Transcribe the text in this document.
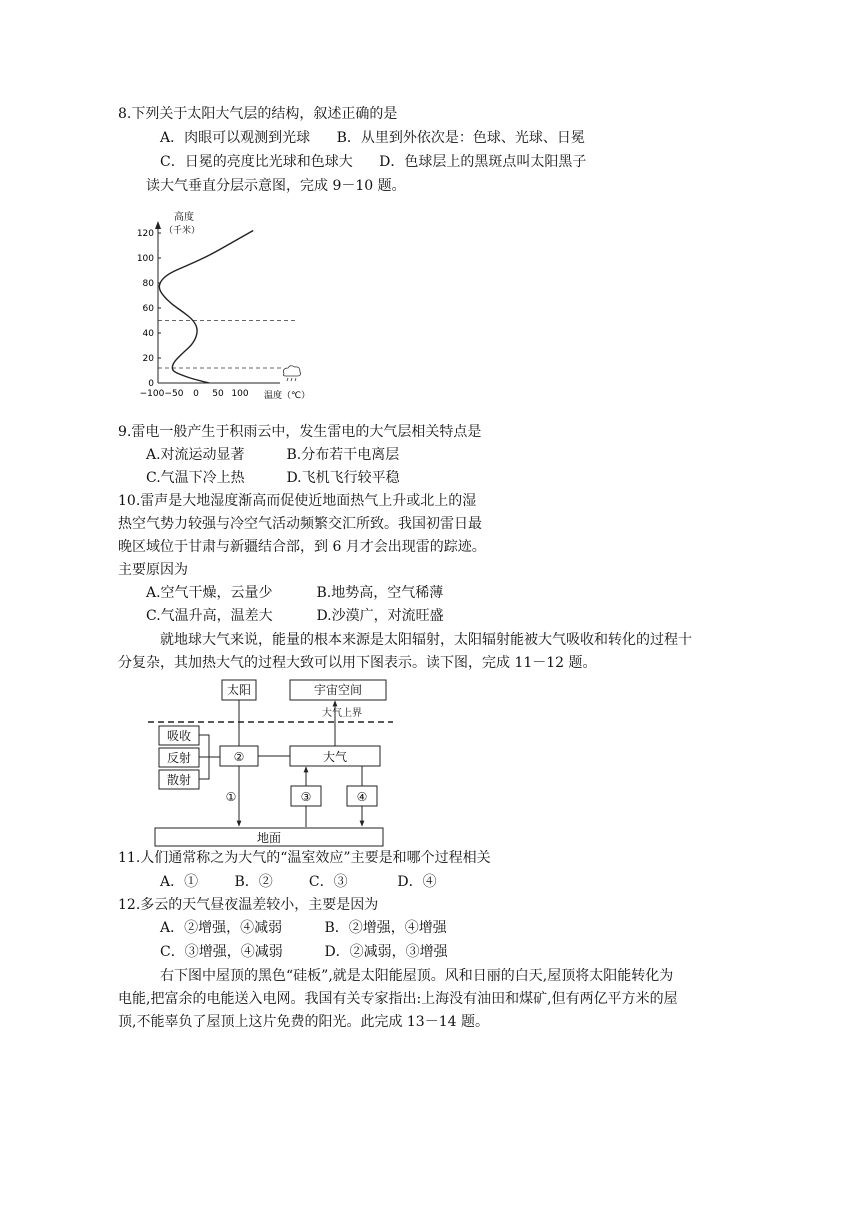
8.下列关于太阳大气层的结构，叙述正确的是
A．肉眼可以观测到光球 B．从里到外依次是：色球、光球、日冕
C．日冕的亮度比光球和色球大 D．色球层上的黑斑点叫太阳黑子
读大气垂直分层示意图，完成 9－10 题。
高度
（千米）
120
100
80
60
40
20
0
−100 −50 0 50 100 温度（℃）
9.雷电一般产生于积雨云中，发生雷电的大气层相关特点是
A.对流运动显著	B.分布若干电离层
C.气温下冷上热	D.飞机飞行较平稳
10.雷声是大地湿度渐高而促使近地面热气上升或北上的湿
热空气势力较强与冷空气活动频繁交汇所致。我国初雷日最
晚区域位于甘肃与新疆结合部，到 6 月才会出现雷的踪迹。
主要原因为
A.空气干燥，云量少	B.地势高，空气稀薄
C.气温升高，温差大	D.沙漠广，对流旺盛
就地球大气来说，能量的根本来源是太阳辐射，太阳辐射能被大气吸收和转化的过程十
分复杂，其加热大气的过程大致可以用下图表示。读下图，完成 11－12 题。
太阳	宇宙空间
大气上界
吸收
反射
散射
②
①
大气
③	④
地面
11.人们通常称之为大气的“温室效应”主要是和哪个过程相关
A．①	B．②	C．③	D．④
12.多云的天气昼夜温差较小，主要是因为
A．②增强，④减弱	B．②增强，④增强
C．③增强，④减弱	D．②减弱，③增强
右下图中屋顶的黑色“硅板”,就是太阳能屋顶。风和日丽的白天,屋顶将太阳能转化为
电能,把富余的电能送入电网。我国有关专家指出:上海没有油田和煤矿,但有两亿平方米的屋
顶,不能辜负了屋顶上这片免费的阳光。此完成 13－14 题。
